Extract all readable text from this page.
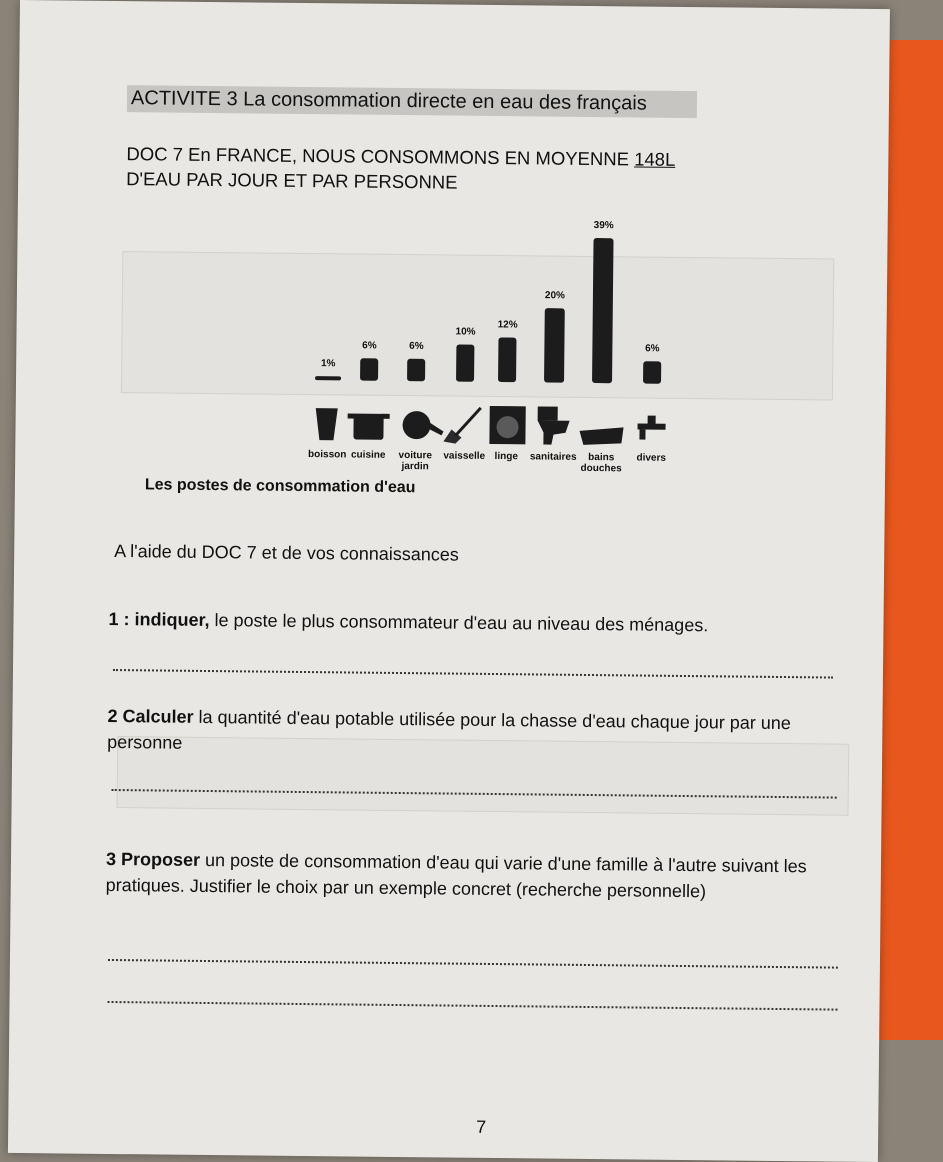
ACTIVITE 3 La consommation directe en eau des français
DOC 7 En FRANCE, NOUS CONSOMMONS EN MOYENNE 148L
D'EAU PAR JOUR ET PAR PERSONNE
1%
boisson
6%
cuisine
6%
voiture
jardin
10%
vaisselle
12%
linge
20%
sanitaires
39%
bains
douches
6%
divers
Les postes de consommation d'eau
A l'aide du DOC 7 et de vos connaissances
1 : indiquer, le poste le plus consommateur d'eau au niveau des ménages.
2 Calculer la quantité d'eau potable utilisée pour la chasse d'eau chaque jour par une personne
3 Proposer un poste de consommation d'eau qui varie d'une famille à l'autre suivant les pratiques. Justifier le choix par un exemple concret (recherche personnelle)
7
